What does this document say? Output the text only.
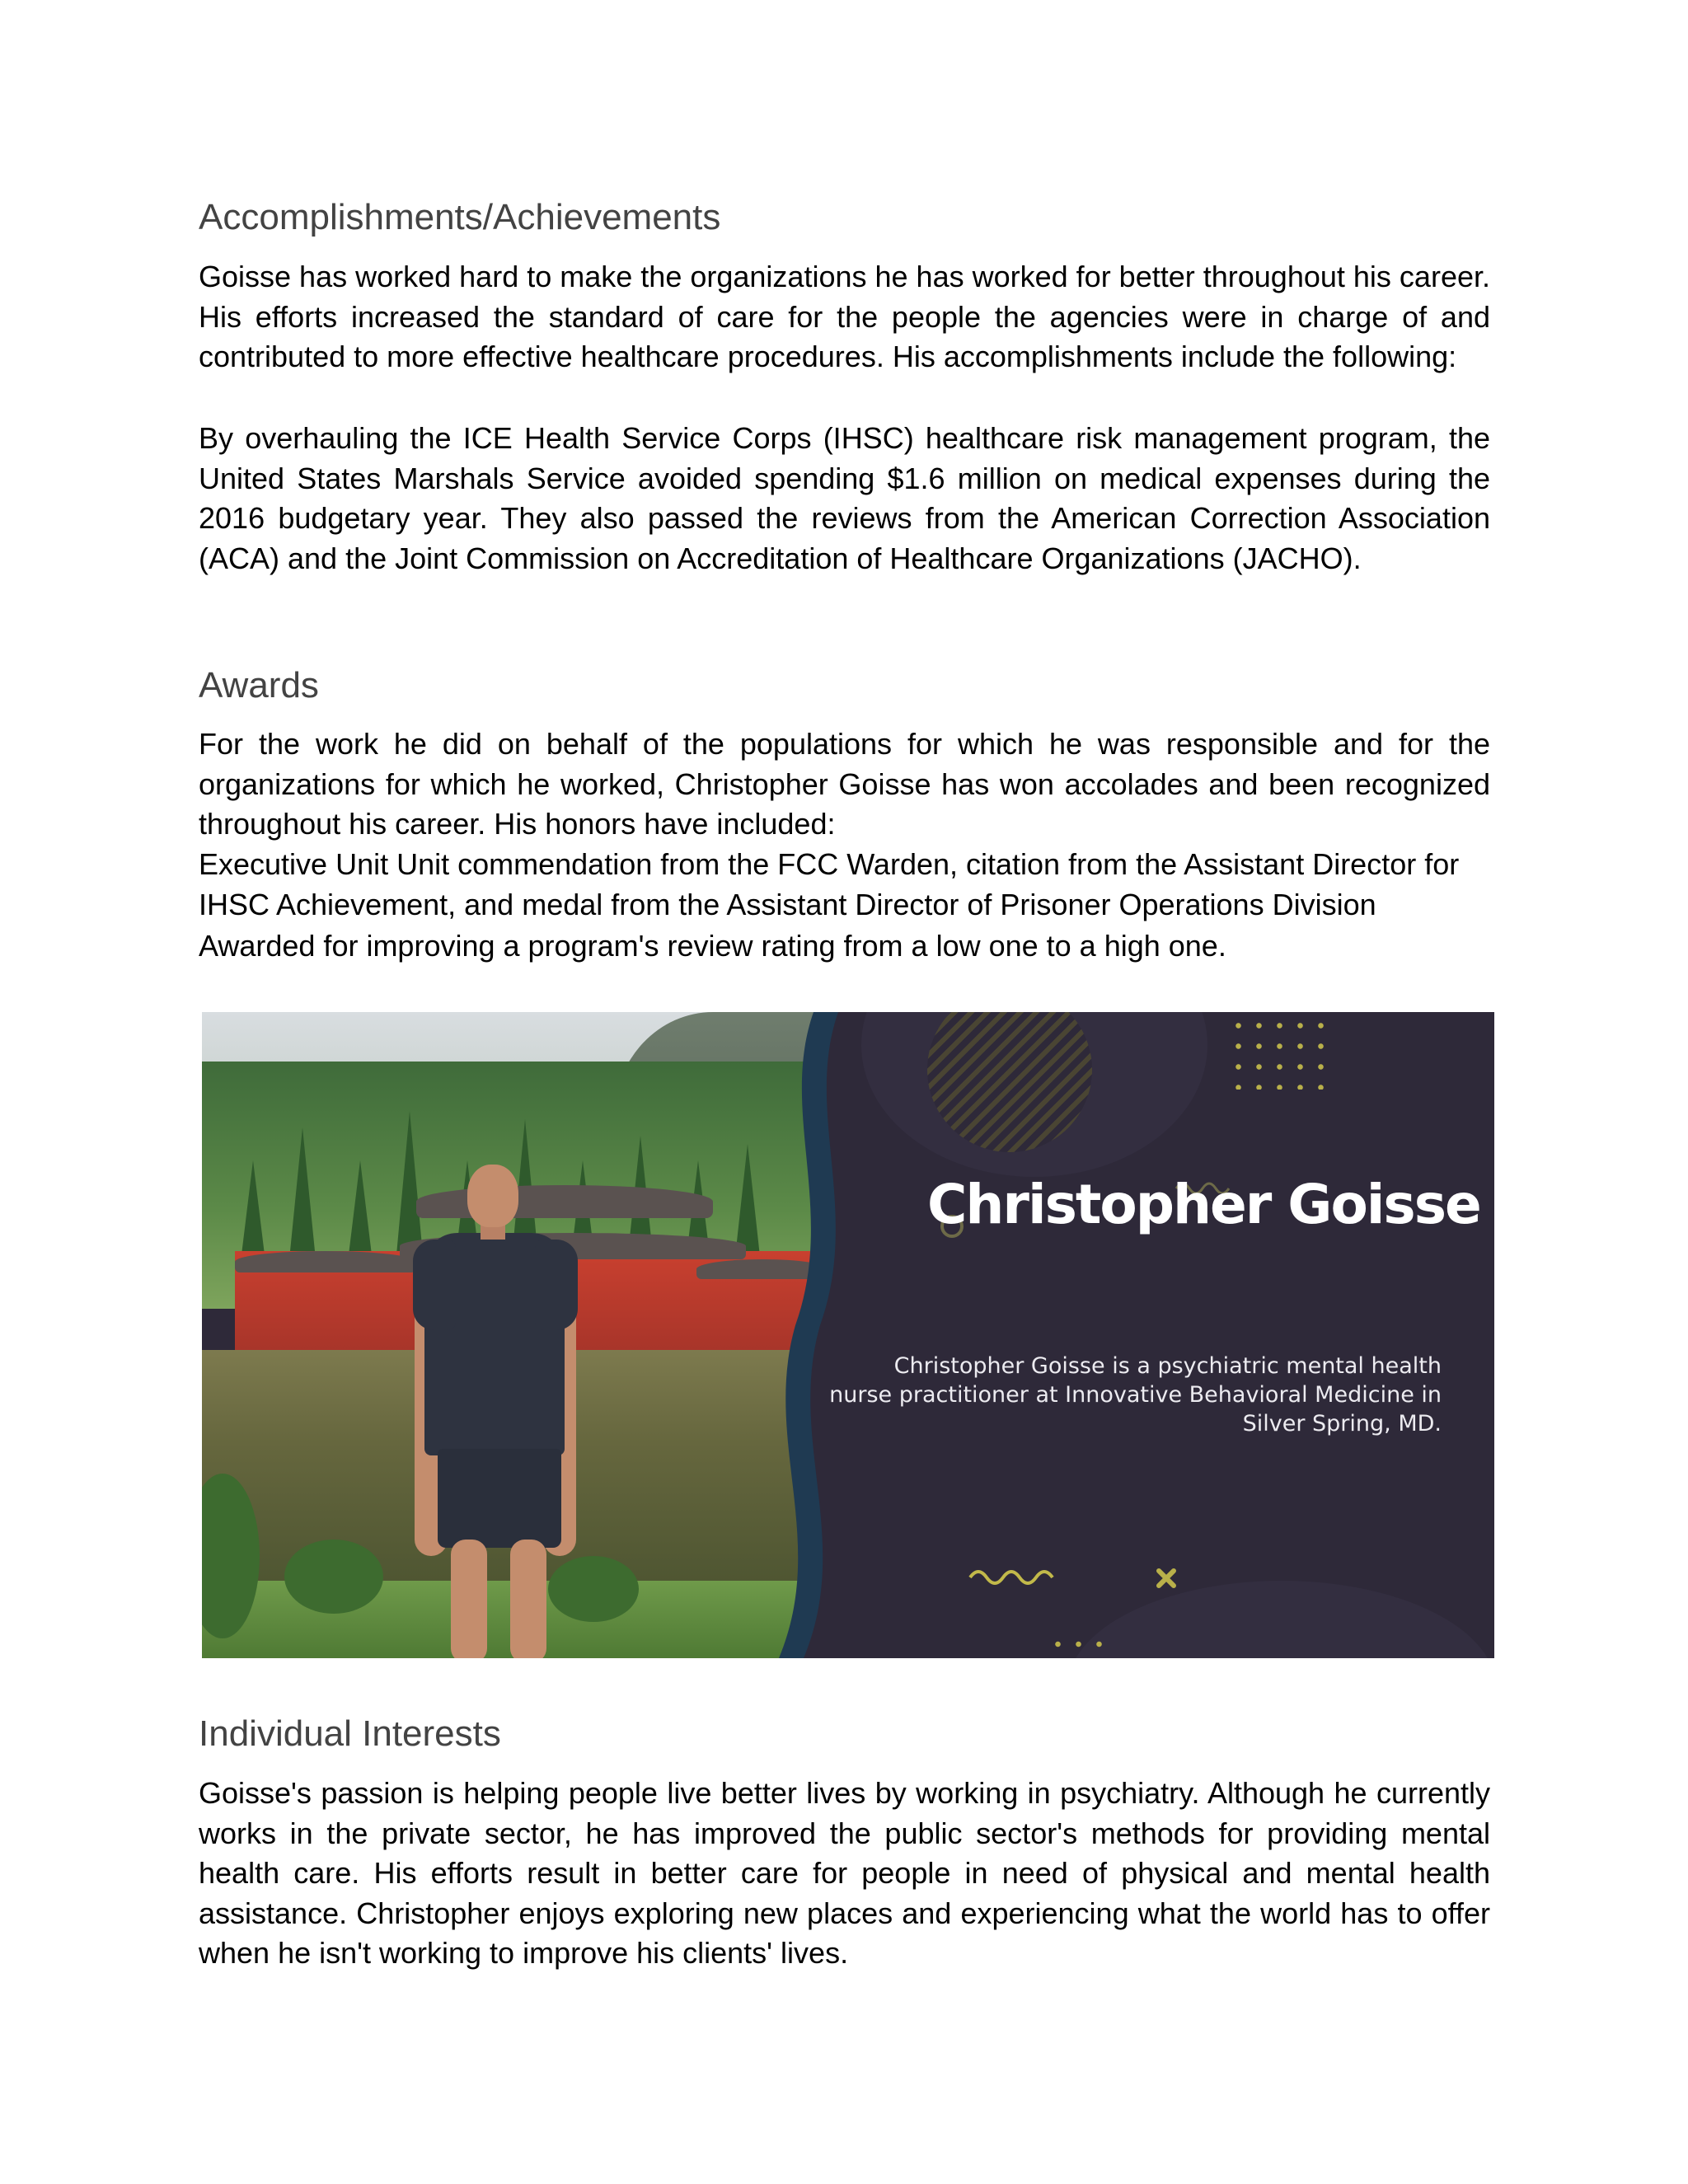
Accomplishments/Achievements

Goisse has worked hard to make the organizations he has worked for better throughout his career. His efforts increased the standard of care for the people the agencies were in charge of and contributed to more effective healthcare procedures. His accomplishments include the following:

By overhauling the ICE Health Service Corps (IHSC) healthcare risk management program, the United States Marshals Service avoided spending $1.6 million on medical expenses during the 2016 budgetary year. They also passed the reviews from the American Correction Association (ACA) and the Joint Commission on Accreditation of Healthcare Organizations (JACHO).

Awards

For the work he did on behalf of the populations for which he was responsible and for the organizations for which he worked, Christopher Goisse has won accolades and been recognized throughout his career. His honors have included:

Executive Unit Unit commendation from the FCC Warden, citation from the Assistant Director for IHSC Achievement, and medal from the Assistant Director of Prisoner Operations Division

Awarded for improving a program's review rating from a low one to a high one.

Individual Interests

Goisse's passion is helping people live better lives by working in psychiatry. Although he currently works in the private sector, he has improved the public sector's methods for providing mental health care. His efforts result in better care for people in need of physical and mental health assistance. Christopher enjoys exploring new places and experiencing what the world has to offer when he isn't working to improve his clients' lives.

Christopher Goisse
Christopher Goisse is a psychiatric mental health nurse practitioner at Innovative Behavioral Medicine in Silver Spring, MD.
